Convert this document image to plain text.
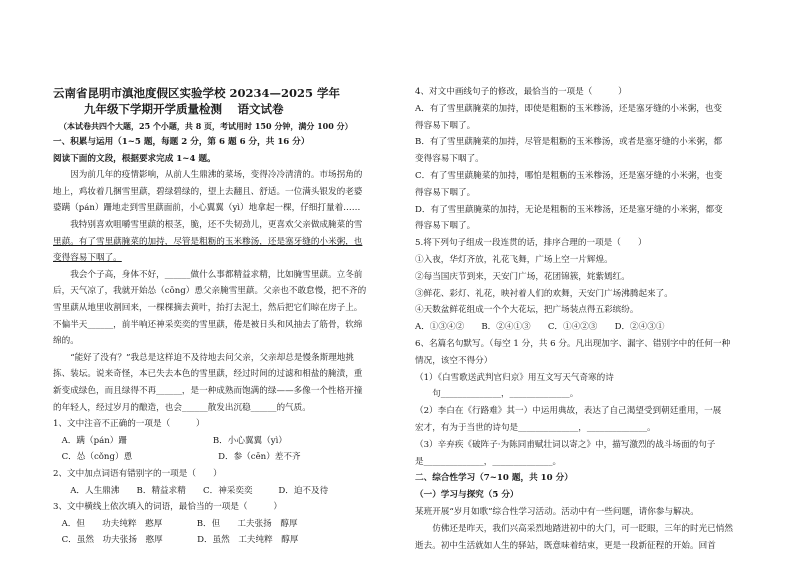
云南省昆明市滇池度假区实验学校 20234—2025 学年
九年级下学期开学质量检测　 语文试卷
（本试卷共四个大题，25 个小题，共 8 页，考试用时 150 分钟，满分 100 分）
一、积累与运用（1~5 题，每题 2 分，第 6 题 6 分，共 16 分）
阅读下面的文段，根据要求完成 1~4 题。
　　因为前几年的疫情影响，从前人生鼎沸的菜场，变得冷冷清清的。市场拐角的
地上，鸡妆着几捆雪里蕻，碧绿碧绿的，望上去翻且、舒适。一位满头银发的老婆
婆蹒（pán）跚地走到雪里蕻面前，小心翼翼（yì）地拿起一棵，仔细打量着……
　　我特别喜欢咀嚼雪里蕻的根茎，脆，还不失韧劲儿，更喜欢父亲做成腌菜的雪
里蕻。有了雪里蕻腌菜的加持，尽管是粗粝的玉米糁汤，还是塞牙缝的小米粥，也
变得容易下咽了。
　　我会个子高，身体不好，______做什么事都精益求精，比如腌雪里蕻。立冬前
后，天气凉了，我就开始怂（cōng）恿父亲腌雪里蕻。父亲也不敢怠慢，把不齐的
雪里蕻从地里收割回来，一棵棵摘去黄叶，抬打去泥土，然后把它们晾在房子上。
不偏半天______，前半响还神采奕奕的雪里蕻，倦是被日头和风抽去了筋骨，软绵
绵的。
　　“能好了没有？”我总是这样迫不及待地去问父亲，父亲却总是慢条斯理地挑
拣、装坛。说来奇怪，本已失去本色的雪里蕻，经过时间的过滤和相盐的腌渍，重
新变成绿色，而且绿得不再______，是一种成熟而饱满的绿——多像一个性格开撞
的年轻人，经过岁月的酿造，也会______散发出沉稳______的气质。
1、文中注音不正确的一项是（　　　）
　A．蹒（pán）跚　　　　　　　　　　B．小心翼翼（yì）
　C．怂（cǒng）恿　　　　　　　　　　D．参（cēn）差不齐
2、文中加点词语有错别字的一项是（　　）
　　A．人生鼎沸　　B．精益求精　　C．神采奕奕　　　D．迫不及待
3、文中横线上依次填入的词语，最恰当的一项是（　　　）
　A．但　　功夫纯粹　憨厚　　　　B．但　　工夫张扬　醇厚
　C．虽然　功夫张扬　憨厚　　　　D．虽然　工夫纯粹　醇厚
4、对文中画线句子的修改，最恰当的一项是（　　　）
A．有了雪里蕻腌菜的加持，即使是粗粝的玉米糁汤，还是塞牙缝的小米粥，也变
得容易下咽了。
B．有了雪里蕻腌菜的加持，尽管是粗粝的玉米糁汤，或者是塞牙缝的小米粥，都
变得容易下咽了。
C．有了雪里蕻腌菜的加持，哪怕是粗粝的玉米糁汤，还是塞牙缝的小米粥，也变
得容易下咽了。
D．有了雪里蕻腌菜的加持，无论是粗粝的玉米糁汤，还是塞牙缝的小米粥，都变
得容易下咽了。
5.将下列句子组成一段连贯的话，排序合理的一项是（　　）
①入夜，华灯齐放，礼花飞舞，广场上空一片辉煌。
②每当国庆节到来，天安门广场，花团锦簇，姹紫嫣红。
③鲜花、彩灯、礼花，映衬着人们的欢舞，天安门广场沸腾起来了。
④天数盆鲜花组成一个个大花坛，把广场装点得五彩缤纷。
A．①③④②　　B．②④①③　　C．①④②③　　D．②④③①
6、名篇名句默写。（每空 1 分，共 6 分。凡出现加字、漏字、错别字中的任何一种
情况，该空不得分）
（1）《白雪歌送武判官归京》用互文写天气奇寒的诗
　　句______________，______________。
（2）李白在《行路难》其一）中运用典故，表达了自己渴望受到朝廷重用，一展
宏才，有为于当世的诗句是______________，______________。
（3）辛弃疾《破阵子·为陈同甫赋壮词以寄之》中，描写激烈的战斗场面的句子
是______________，______________。
二、综合性学习（7~10 题，共 10 分）
（一）学习与探究（5 分）
某班开展“岁月如歌”综合性学习活动。活动中有一些问题，请你参与解决。
　　仿佛还是昨天，我们兴高采烈地踏进初中的大门，可一眨眼，三年的时光已悄然
逝去。初中生活就如人生的驿站，既意味着结束，更是一段新征程的开始。回首
